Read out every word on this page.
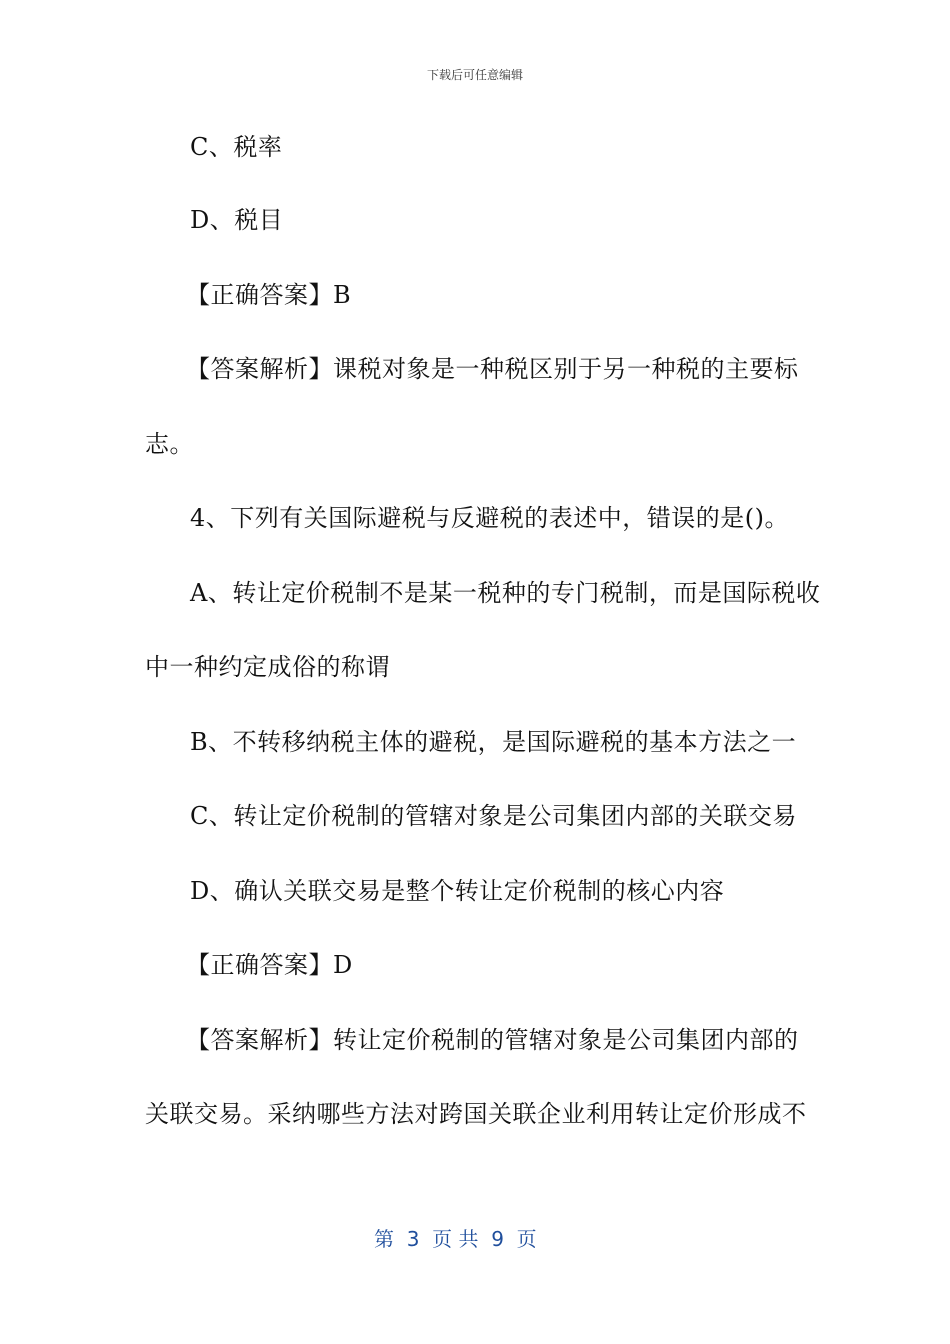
下载后可任意编辑
C、税率
D、税目
【正确答案】B
【答案解析】课税对象是一种税区别于另一种税的主要标
志。
4、下列有关国际避税与反避税的表述中，错误的是()。
A、转让定价税制不是某一税种的专门税制，而是国际税收
中一种约定成俗的称谓
B、不转移纳税主体的避税，是国际避税的基本方法之一
C、转让定价税制的管辖对象是公司集团内部的关联交易
D、确认关联交易是整个转让定价税制的核心内容
【正确答案】D
【答案解析】转让定价税制的管辖对象是公司集团内部的
关联交易。采纳哪些方法对跨国关联企业利用转让定价形成不
第  3  页 共  9  页
